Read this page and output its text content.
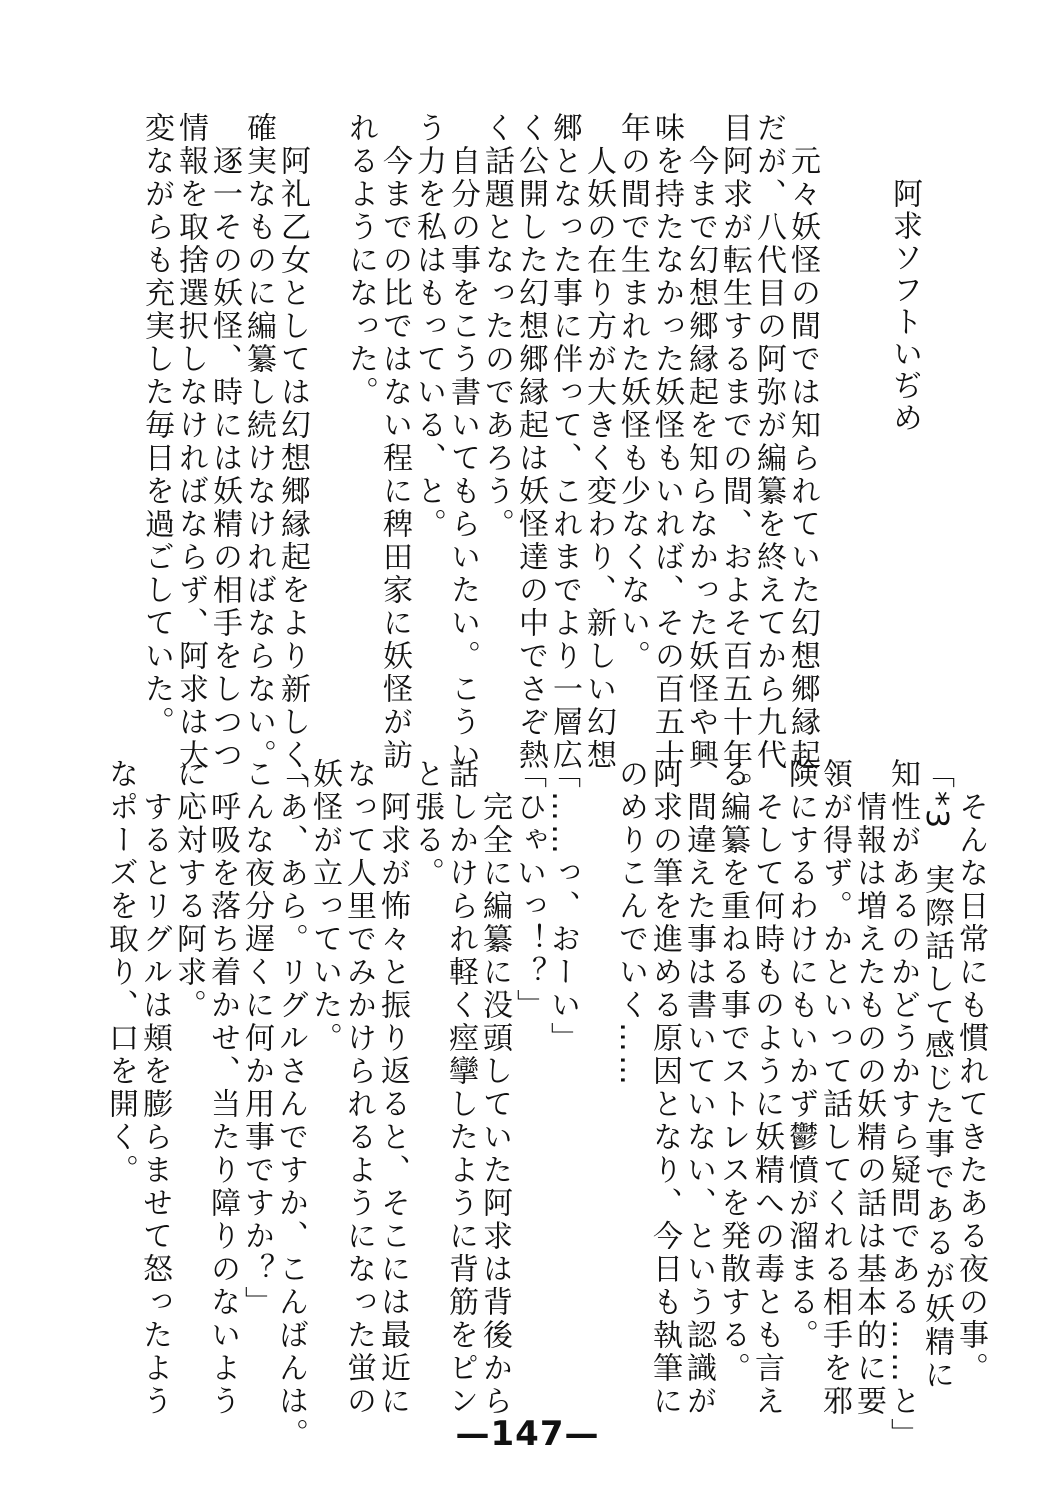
阿求ソフトいぢめ
　元々妖怪の間では知られていた幻想郷縁起
だが、八代目の阿弥が編纂を終えてから九代
目阿求が転生するまでの間、およそ百五十年。
　今まで幻想郷縁起を知らなかった妖怪や興
味を持たなかった妖怪もいれば、その百五十
年の間で生まれた妖怪も少なくない。
　人妖の在り方が大きく変わり、新しい幻想
郷となった事に伴って、これまでより一層広
く公開した幻想郷縁起は妖怪達の中でさぞ熱
く話題となったのであろう。
　自分の事をこう書いてもらいたい。こうい
う力を私はもっている、と。
　今までの比ではない程に稗田家に妖怪が訪
れるようになった。

　阿礼乙女としては幻想郷縁起をより新しく、
確実なものに編纂し続けなければならない。
　逐一その妖怪、時には妖精の相手をしつつ
情報を取捨選択しなければならず、阿求は大
変ながらも充実した毎日を過ごしていた。
　そんな日常にも慣れてきたある夜の事。
「*3　実際話して感じた事であるが妖精に
知性があるのかどうかすら疑問である……と」
　情報は増えたものの妖精の話は基本的に要
領が得ず。かといって話してくれる相手を邪
険にするわけにもいかず鬱憤が溜まる。
　そして何時ものように妖精への毒とも言え
る編纂を重ねる事でストレスを発散する。
　間違えた事は書いていない、という認識が
阿求の筆を進める原因となり、今日も執筆に
のめりこんでいく……

「……っ、おーい」
「ひゃいっ！？」
　完全に編纂に没頭していた阿求は背後から
話しかけられ軽く痙攣したように背筋をピン
と張る。
　阿求が怖々と振り返ると、そこには最近に
なって人里でみかけられるようになった蛍の
妖怪が立っていた。
「あ、あら。リグルさんですか、こんばんは。
こんな夜分遅くに何か用事ですか？」
　呼吸を落ち着かせ、当たり障りのないよう
に応対する阿求。
　するとリグルは頬を膨らませて怒ったよう
なポーズを取り、口を開く。
—147—
